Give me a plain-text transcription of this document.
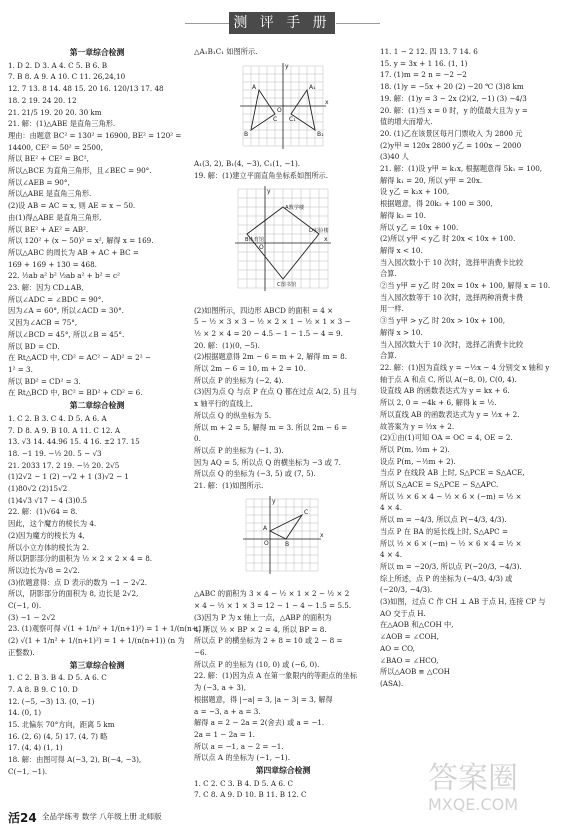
测 评 手 册
第一章综合检测
1. D 2. D 3. A 4. C 5. B 6. B
7. B 8. A 9. A 10. C 11. 26,24,10
12. 7 13. 8 14. 48 15. 20 16. 120/13 17. 48
18. 2 19. 24 20. 12
21. 21/5 19. 20 20. 30 km
21. 解：(1)△ABE 是直角三角形.
理由：由题意 BC² = 130² = 16900, BE² = 120² =
14400, CE² = 50² = 2500,
所以 BE² + CE² = BC²,
所以△BCE 为直角三角形，且∠BEC = 90°.
所以∠AEB = 90°,
所以△ABE 是直角三角形.
(2)设 AB = AC = x, 则 AE = x − 50.
由(1)得△ABE 是直角三角形,
所以 BE² + AE² = AB².
所以 120² + (x − 50)² = x², 解得 x = 169.
所以△ABC 的周长为 AB + AC + BC =
169 + 169 + 130 = 468.
22. ½ab a² b² ½ab a² + b² = c²
23. 解：因为 CD⊥AB,
所以∠ADC = ∠BDC = 90°.
因为∠A = 60°, 所以∠ACD = 30°.
又因为∠ACB = 75°,
所以∠BCD = 45°, 所以∠B = 45°.
所以 BD = CD.
在 Rt△ACD 中, CD² = AC² − AD² = 2² −
1² = 3.
所以 BD² = CD² = 3.
在 Rt△BCD 中, BC² = BD² + CD² = 6.
第二章综合检测
1. C 2. B 3. C 4. D 5. A 6. A
7. D 8. A 9. B 10. A 11. C 12. A
13. √3 14. 44.96 15. 4 16. ±2 17. 15
18. −1 19. −½ 20. 5 − √3
21. 2033 17. 2 19. −½ 20. 2√5
(1)2√2 − 1 (2) −√2 + 1 (3)√2 − 1
(1)80√2 (2)15√2
(1)4√3 √17 − 4 (3)0.5
22. 解：(1)√64 = 8.
因此，这个魔方的棱长为 4.
(2)因为魔方的棱长为 4,
所以小立方体的棱长为 2.
所以阴影部分的面积为 ½ × 2 × 2 × 4 = 8.
所以边长为√8 = 2√2.
(3)依题意得：点 D 表示的数为 −1 − 2√2.
所以，阴影部分的面积为 8, 边长是 2√2,
C(−1, 0).
(3) −1 − 2√2
23. (1)观察可得 √(1 + 1/n² + 1/(n+1)²) = 1 + 1/(n(n+1))
(2) √(1 + 1/n² + 1/(n+1)²) = 1 + 1/(n(n+1)) (n 为
正整数).
第三章综合检测
1. C 2. B 3. B 4. D 5. A 6. C
7. A 8. B 9. C 10. D
12. (−5, −3) 13. (0, −1)
14. (0, 1)
15. 北偏东 70°方向，距离 5 km
16. (2, 6) (4, 5) 17. (4, 7) 略
17. (4, 4) (1, 1)
18. 解：由图可得 A(−3, 2), B(−4, −3),
C(−1, −1).
△A₁B₁C₁ 如图所示.
A
B
C
A₁
B₁
C₁
O
x
y
A₁(3, 2), B₁(4, −3), C₁(1, −1).
19. 解：(1)建立平面直角坐标系如图所示.
A教学楼
B体育馆
C图书馆
D实验楼
y
x
O
(2)如图所示，四边形 ABCD 的面积 = 4 ×
5 − ½ × 3 × 3 − ½ × 2 × 1 − ½ × 1 × 3 −
½ × 2 × 4 = 20 − 4.5 − 1 − 1.5 − 4 = 9.
20. 解：(1)(0, −5).
(2)根据题意得 2m − 6 = m + 2, 解得 m = 8.
所以 2m − 6 = 10, m + 2 = 10.
所以点 P 的坐标为 (−2, 4).
(3)因为点 Q 与点 P 在点 Q 都在过点 A(2, 5) 且与
x 轴平行的直线上,
所以点 Q 的纵坐标为 5.
所以 m + 2 = 5, 解得 m = 3. 所以 2m − 6 =
0.
所以点 P 的坐标为 (−1, 3).
因为 AQ = 5, 所以点 Q 的横坐标为 −3 或 7.
所以点 Q 的坐标为 (−3, 5) 或 (7, 5).
21. 解：(1)如图所示.
A
B
C
O
x
y
△ABC 的面积为 3 × 4 − ½ × 1 × 2 − ½ × 2
× 4 − ½ × 1 × 3 = 12 − 1 − 4 − 1.5 = 5.5.
(3)因为 P 为 x 轴上一点，△ABP 的面积为
4, 所以 ½ × BP × 2 = 4, 所以 BP = 8.
所以点 P 的横坐标为 2 + 8 = 10 或 2 − 8 =
−6.
所以点 P 的坐标为 (10, 0) 或 (−6, 0).
22. 解：(1)因为点 A 在第一象限内的等距点的坐标
为 (−3, a + 3),
根据题意，得 |−a| = 3, |a − 3| = 3, 解得
a = −3, a + a = 3.
解得 a = 2 − 2a = 2(舍去) 或 a = −1.
2a = 1 − 2a = 1.
所以 a = −1, a − 2 = −1.
所以点 A 的坐标为 (−1, −1).
第四章综合检测
1. C 2. C 3. B 4. D 5. A 6. C
7. C 8. A 9. D 10. B 11. B 12. C
11. 1 − 2 12. 四 13. 7 14. 6
15. y = 3x + 1 16. (1, 1)
17. (1)m = 2 n = −2 −2
18. (1)y = −5x + 20 (2) −20 ℃ (3)8 km
19. 解：(1)y = 3 − 2x (2)(2, −1) (3) −4/3
20. 解：(1)当 x = 0 时，y 的值最大且为 y =
值的增大而增大.
20. (1)乙在该景区每月门票收入 为 2800 元
(2)y甲 = 120x 2800 y乙 = 100x − 2000
(3)40 人
21. 解：(1)设 y甲 = k₁x, 根据题意得 5k₁ = 100,
解得 k₁ = 20, 所以 y甲 = 20x.
设 y乙 = k₂x + 100,
根据题意，得 20k₂ + 100 = 300,
解得 k₂ = 10.
所以 y乙 = 10x + 100.
(2)所以 y甲 < y乙 时 20x < 10x + 100.
解得 x < 10.
当入园次数小于 10 次时，选择甲消费卡比较
合算.
②当 y甲 = y乙 时 20x = 10x + 100, 解得 x = 10.
当入园次数等于 10 次时，选择两种消费卡费
用一样.
③当 y甲 > y乙 时 20x > 10x + 100,
解得 x > 10.
当入园次数大于 10 次时，选择乙消费卡比较
合算.
22. 解：(1)因为直线 y = −½x − 4 分别交 x 轴和 y
轴于点 A 和点 C, 所以 A(−8, 0), C(0, 4).
设直线 AB 的函数表达式为 y = kx + 6.
所以 2, 0 = −4k + 6, 解得 k = ½.
所以直线 AB 的函数表达式为 y = ½x + 2.
故答案为 y = ½x + 2.
(2)①由(1)可知 OA = OC = 4, OE = 2.
所以 P(m, ½m + 2).
设点 P(m, −½m + 2).
当点 P 在线段 AB 上时, S△PCE = S△ACE,
所以 S△ACE = S△PCE − S△APC.
所以 ½ × 6 × 4 − ½ × 6 × (−m) = ½ ×
4 × 4.
所以 m = −4/3, 所以点 P(−4/3, 4/3).
当点 P 在 BA 的延长线上时, S△APC =
所以 ½ × 6 × (−m) − ½ × 6 × 4 = ½ ×
4 × 4.
所以 m = −20/3, 所以点 P(−20/3, −4/3).
综上所述，点 P 的坐标为 (−4/3, 4/3) 或
(−20/3, −4/3).
(3)如图，过点 C 作 CH ⊥ AB 于点 H, 连接 CP 与
AO 交于点 H.
在△AOB 和△COH 中,
∠AOB = ∠COH,
AO = CO,
∠BAO = ∠HCO,
所以△AOB ≌ △COH
(ASA).
答案圈
MXQE.COM
活24 全品学练考 数学 八年级上册 北师版
